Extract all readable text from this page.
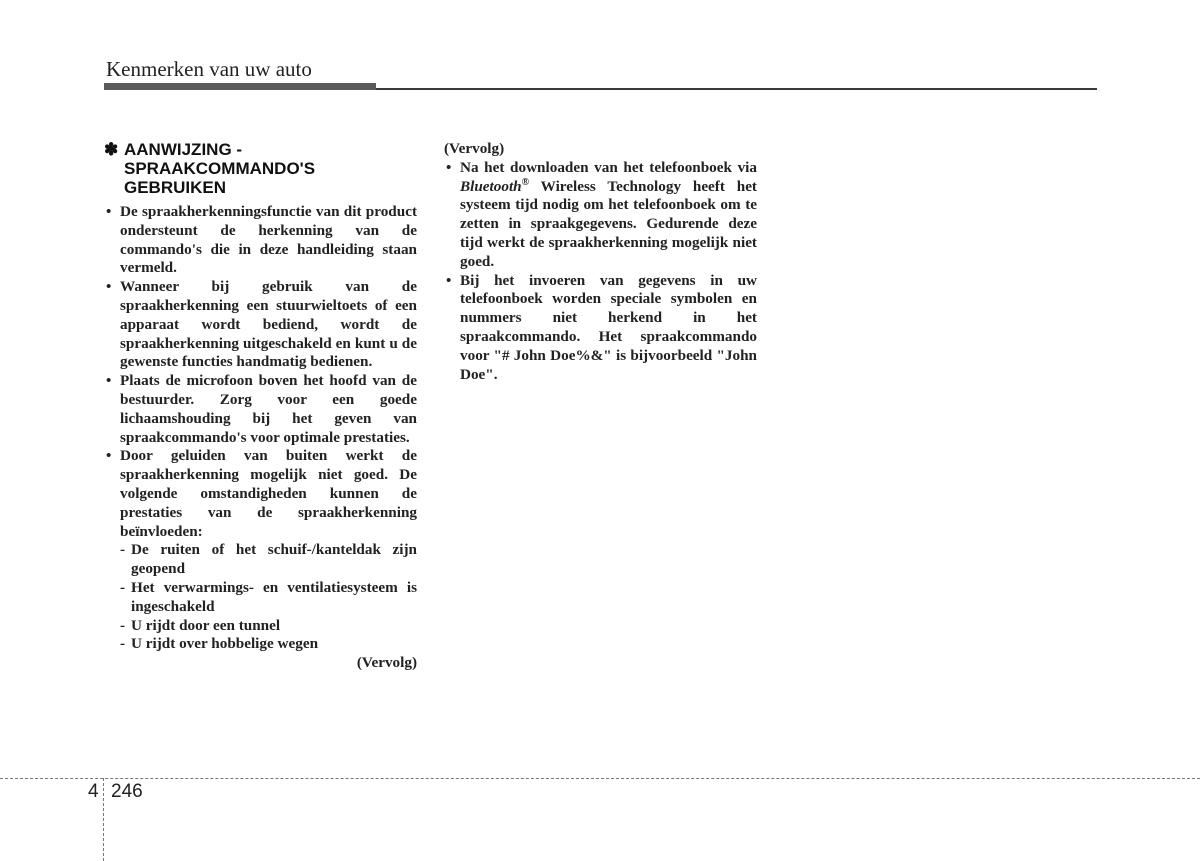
Kenmerken van uw auto
✽ AANWIJZING -
SPRAAKCOMMANDO'S
GEBRUIKEN
• De spraakherkenningsfunctie van dit product ondersteunt de herkenning van de commando's die in deze handleiding staan vermeld.
• Wanneer bij gebruik van de spraakherkenning een stuurwieltoets of een apparaat wordt bediend, wordt de spraakherkenning uitgeschakeld en kunt u de gewenste functies handmatig bedienen.
• Plaats de microfoon boven het hoofd van de bestuurder. Zorg voor een goede lichaamshouding bij het geven van spraakcommando's voor optimale prestaties.
• Door geluiden van buiten werkt de spraakherkenning mogelijk niet goed. De volgende omstandigheden kunnen de prestaties van de spraakherkenning beïnvloeden:
- De ruiten of het schuif-/kanteldak zijn geopend
- Het verwarmings- en ventilatiesysteem is ingeschakeld
- U rijdt door een tunnel
- U rijdt over hobbelige wegen
(Vervolg)
(Vervolg)
• Na het downloaden van het telefoonboek via Bluetooth® Wireless Technology heeft het systeem tijd nodig om het telefoonboek om te zetten in spraakgegevens. Gedurende deze tijd werkt de spraakherkenning mogelijk niet goed.
• Bij het invoeren van gegevens in uw telefoonboek worden speciale symbolen en nummers niet herkend in het spraakcommando. Het spraakcommando voor "# John Doe%&" is bijvoorbeeld "John Doe".
4 246
